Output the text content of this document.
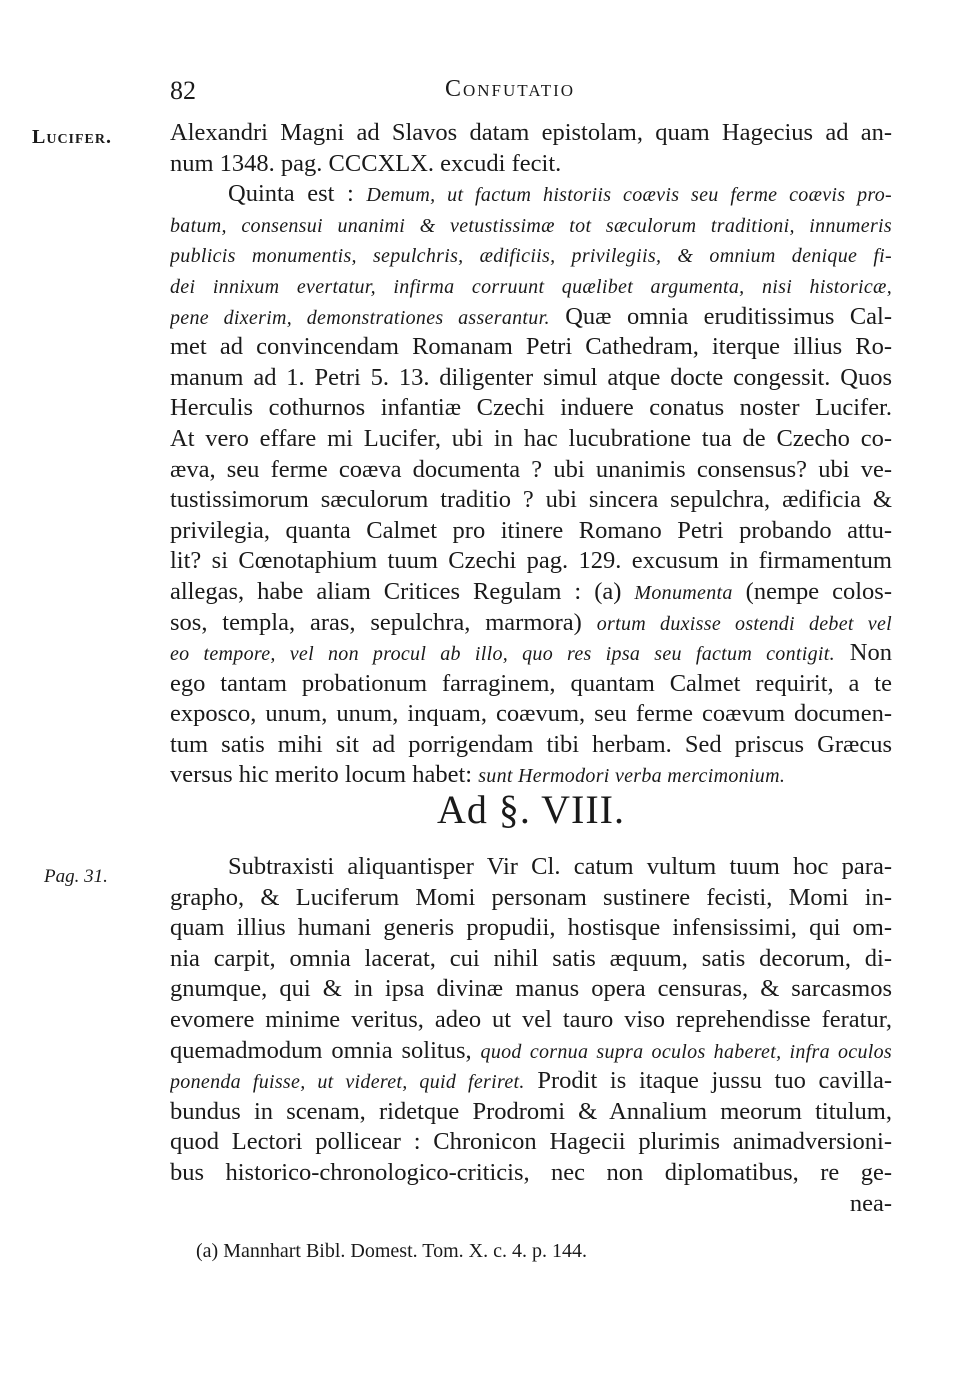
82	Confutatio
Lucifer.
Pag. 31.
Alexandri Magni ad Slavos datam epistolam, quam Hagecius ad an-
num 1348. pag. CCCXLX. excudi fecit.
Quinta est : Demum, ut factum historiis coævis seu ferme coævis pro-
batum, consensui unanimi & vetustissimæ tot sæculorum traditioni, innumeris
publicis monumentis, sepulchris, ædificiis, privilegiis, & omnium denique fi-
dei innixum evertatur, infirma corruunt quælibet argumenta, nisi historicæ,
pene dixerim, demonstrationes asserantur. Quæ omnia eruditissimus Cal-
met ad convincendam Romanam Petri Cathedram, iterque illius Ro-
manum ad 1. Petri 5. 13. diligenter simul atque docte congessit. Quos
Herculis cothurnos infantiæ Czechi induere conatus noster Lucifer.
At vero effare mi Lucifer, ubi in hac lucubratione tua de Czecho co-
æva, seu ferme coæva documenta ? ubi unanimis consensus? ubi ve-
tustissimorum sæculorum traditio ? ubi sincera sepulchra, ædificia &
privilegia, quanta Calmet pro itinere Romano Petri probando attu-
lit? si Cœnotaphium tuum Czechi pag. 129. excusum in firmamentum
allegas, habe aliam Critices Regulam : (a) Monumenta (nempe colos-
sos, templa, aras, sepulchra, marmora) ortum duxisse ostendi debet vel
eo tempore, vel non procul ab illo, quo res ipsa seu factum contigit. Non
ego tantam probationum farraginem, quantam Calmet requirit, a te
exposco, unum, unum, inquam, coævum, seu ferme coævum documen-
tum satis mihi sit ad porrigendam tibi herbam. Sed priscus Græcus
versus hic merito locum habet: sunt Hermodori verba mercimonium.
Ad §. VIII.
Subtraxisti aliquantisper Vir Cl. catum vultum tuum hoc para-
grapho, & Luciferum Momi personam sustinere fecisti, Momi in-
quam illius humani generis propudii, hostisque infensissimi, qui om-
nia carpit, omnia lacerat, cui nihil satis æquum, satis decorum, di-
gnumque, qui & in ipsa divinæ manus opera censuras, & sarcasmos
evomere minime veritus, adeo ut vel tauro viso reprehendisse feratur,
quemadmodum omnia solitus, quod cornua supra oculos haberet, infra oculos
ponenda fuisse, ut videret, quid feriret. Prodit is itaque jussu tuo cavilla-
bundus in scenam, ridetque Prodromi & Annalium meorum titulum,
quod Lectori pollicear : Chronicon Hagecii plurimis animadversioni-
bus historico-chronologico-criticis, nec non diplomatibus, re ge-
nea-
(a) Mannhart Bibl. Domest. Tom. X. c. 4. p. 144.
